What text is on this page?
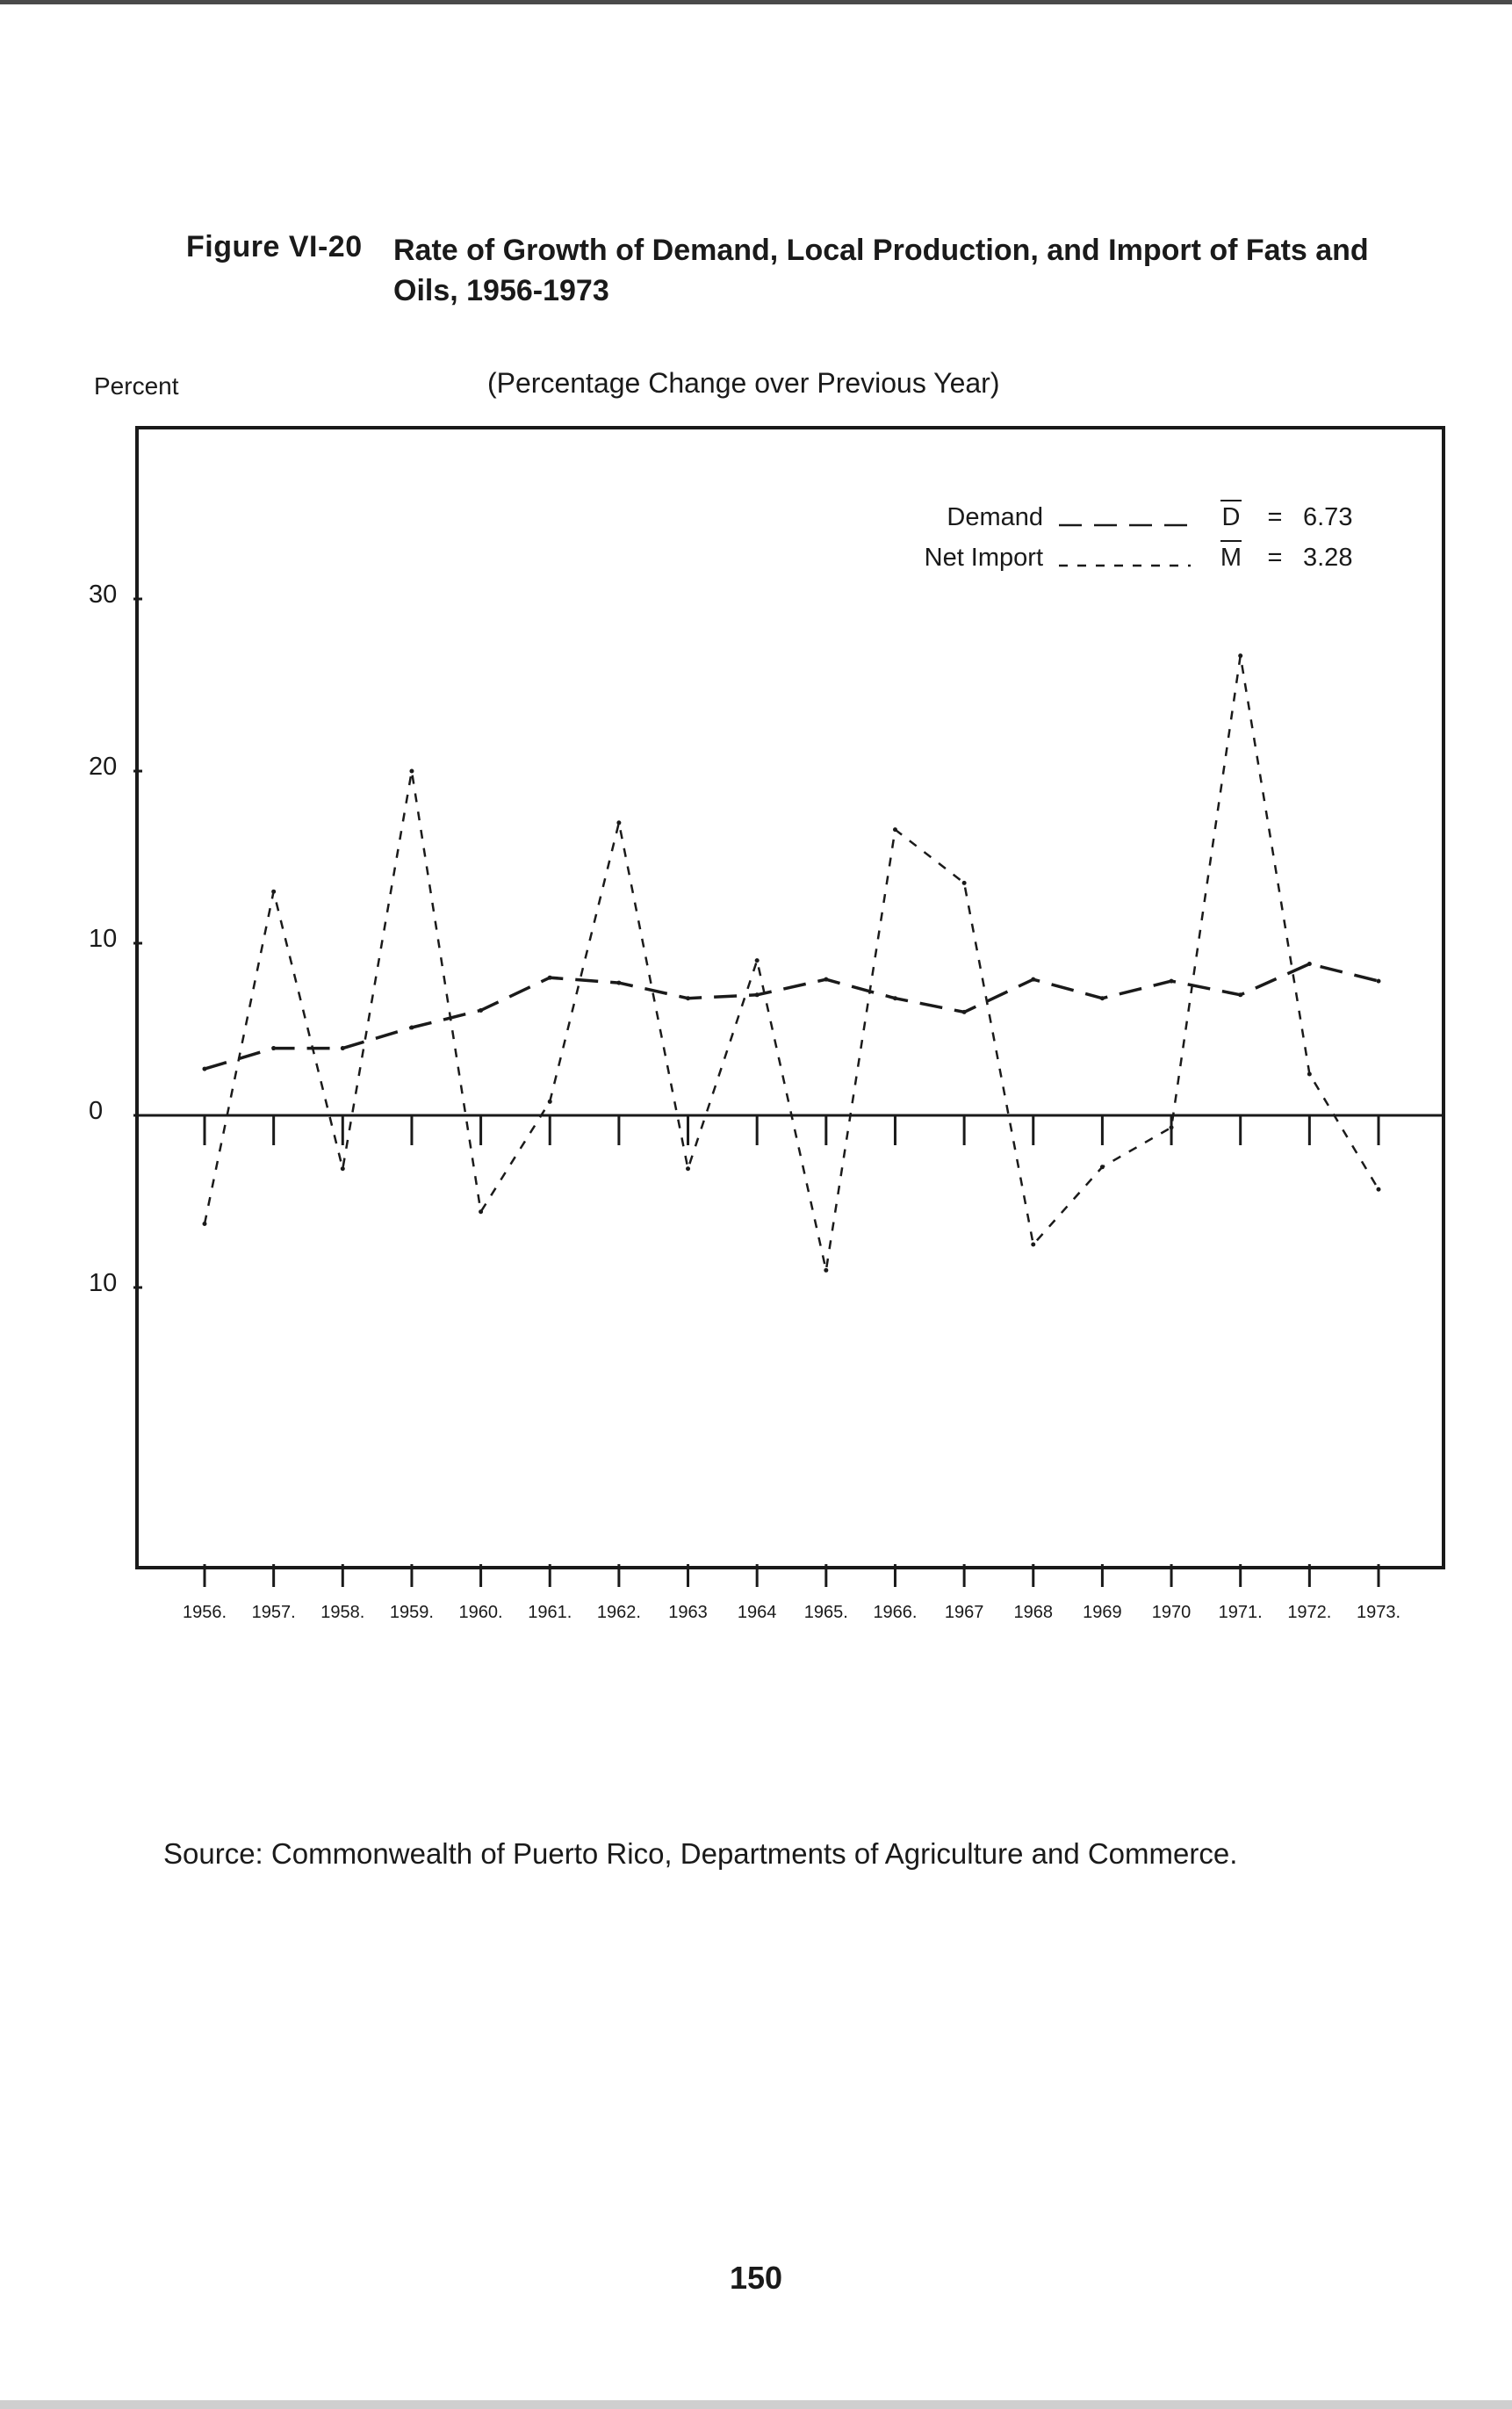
Figure VI-20 Rate of Growth of Demand, Local Production, and Import of Fats and Oils, 1956-1973
Percent	(Percentage Change over Previous Year)
30
20
10
0
10
1956. 1957. 1958. 1959. 1960. 1961. 1962. 1963 1964 1965. 1966. 1967 1968 1969 1970 1971. 1972. 1973.
Demand	D = 6.73
Net Import	M = 3.28
Source: Commonwealth of Puerto Rico, Departments of Agriculture and Commerce.
150
